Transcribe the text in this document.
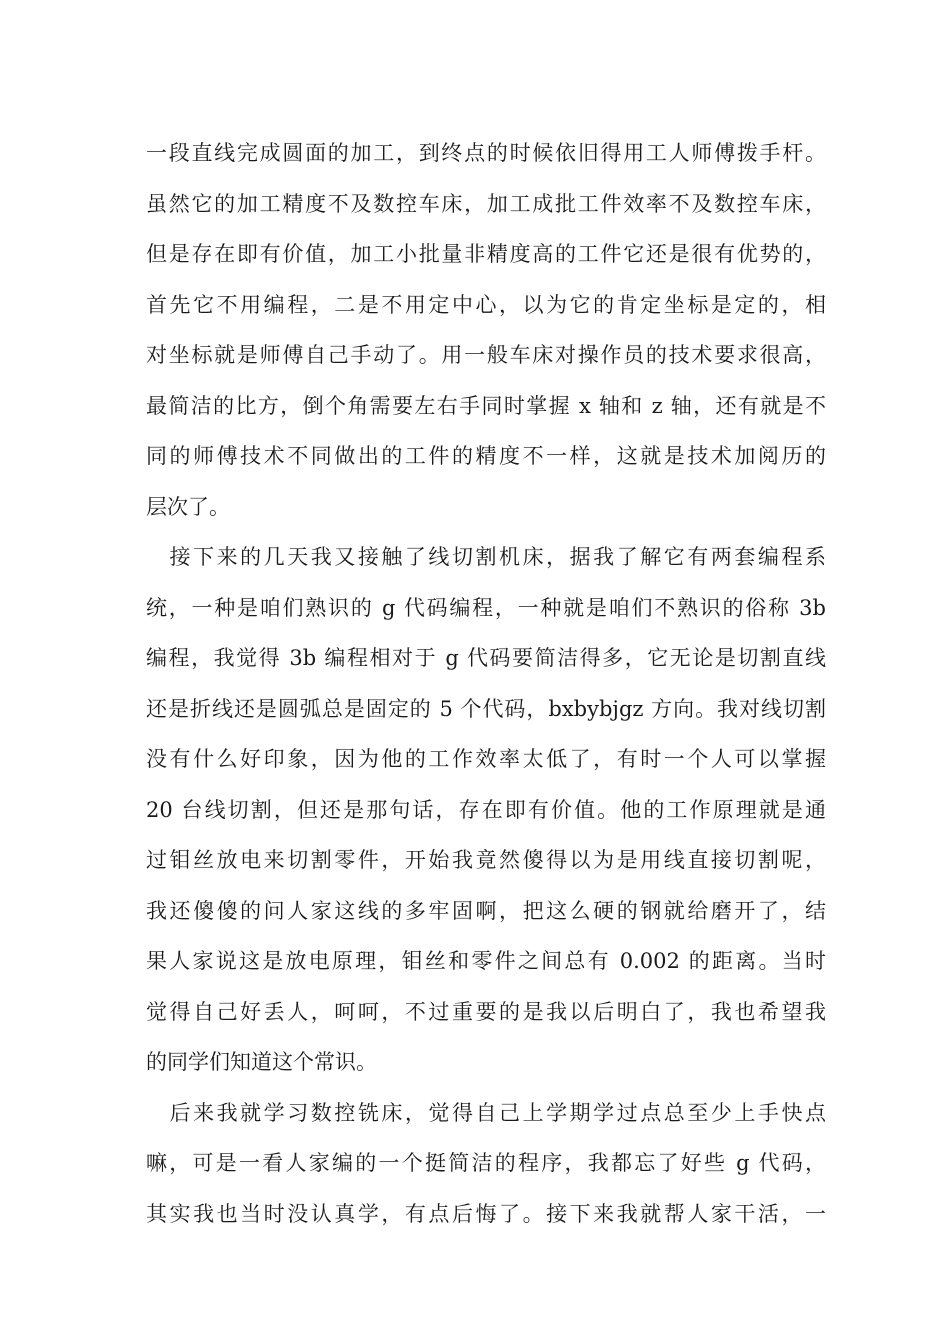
一段直线完成圆面的加工，到终点的时候依旧得用工人师傅拨手杆。
虽然它的加工精度不及数控车床，加工成批工件效率不及数控车床，
但是存在即有价值，加工小批量非精度高的工件它还是很有优势的，
首先它不用编程，二是不用定中心，以为它的肯定坐标是定的，相
对坐标就是师傅自己手动了。用一般车床对操作员的技术要求很高，
最简洁的比方，倒个角需要左右手同时掌握 x 轴和 z 轴，还有就是不
同的师傅技术不同做出的工件的精度不一样，这就是技术加阅历的
层次了。
　接下来的几天我又接触了线切割机床，据我了解它有两套编程系
统，一种是咱们熟识的 g 代码编程，一种就是咱们不熟识的俗称 3b
编程，我觉得 3b 编程相对于 g 代码要简洁得多，它无论是切割直线
还是折线还是圆弧总是固定的 5 个代码，bxbybjgz 方向。我对线切割
没有什么好印象，因为他的工作效率太低了，有时一个人可以掌握
20 台线切割，但还是那句话，存在即有价值。他的工作原理就是通
过钼丝放电来切割零件，开始我竟然傻得以为是用线直接切割呢，
我还傻傻的问人家这线的多牢固啊，把这么硬的钢就给磨开了，结
果人家说这是放电原理，钼丝和零件之间总有 0.002 的距离。当时
觉得自己好丢人，呵呵，不过重要的是我以后明白了，我也希望我
的同学们知道这个常识。
　后来我就学习数控铣床，觉得自己上学期学过点总至少上手快点
嘛，可是一看人家编的一个挺简洁的程序，我都忘了好些 g 代码，
其实我也当时没认真学，有点后悔了。接下来我就帮人家干活，一
